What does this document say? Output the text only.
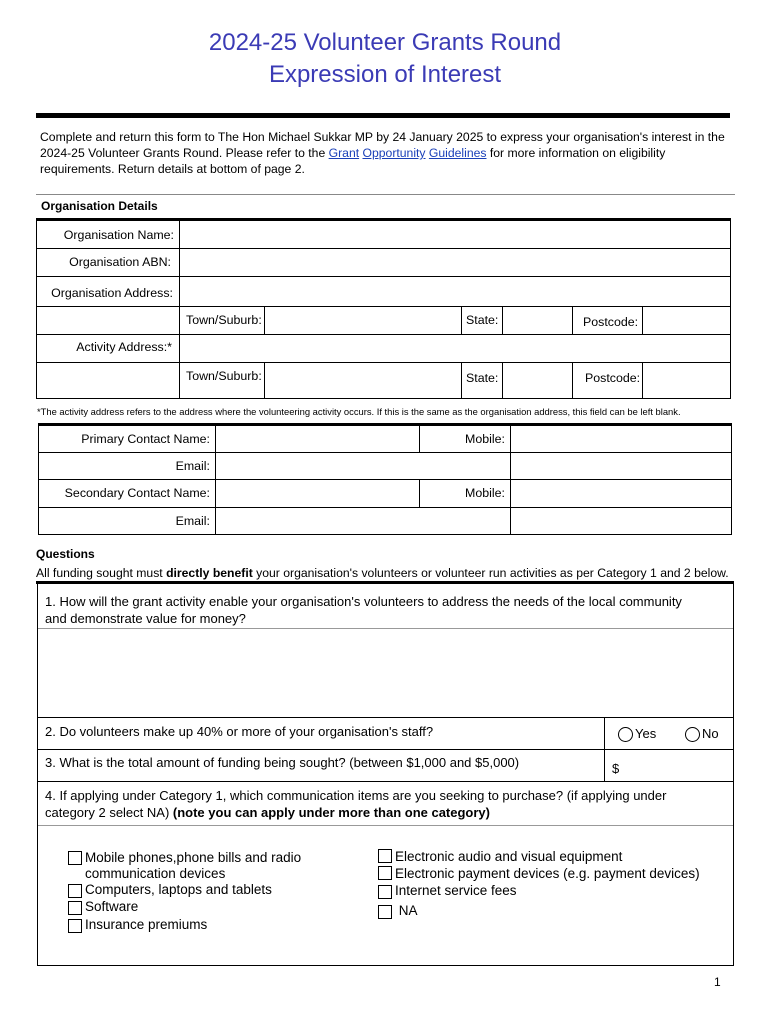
2024-25 Volunteer Grants Round
Expression of Interest
Complete and return this form to The Hon Michael Sukkar MP by 24 January 2025 to express your organisation's interest in the 2024-25 Volunteer Grants Round. Please refer to the Grant Opportunity Guidelines for more information on eligibility requirements. Return details at bottom of page 2.
Organisation Details
Organisation Name:
Organisation ABN:
Organisation Address:
Town/Suburb:	State:	Postcode:
Activity Address:*
Town/Suburb:	State:	Postcode:
*The activity address refers to the address where the volunteering activity occurs. If this is the same as the organisation address, this field can be left blank.
Primary Contact Name:	Mobile:
Email:
Secondary Contact Name:	Mobile:
Email:
Questions
All funding sought must directly benefit your organisation's volunteers or volunteer run activities as per Category 1 and 2 below.
1. How will the grant activity enable your organisation's volunteers to address the needs of the local community and demonstrate value for money?
2. Do volunteers make up 40% or more of your organisation's staff?	Yes	No
3. What is the total amount of funding being sought? (between $1,000 and $5,000)	$
4. If applying under Category 1, which communication items are you seeking to purchase? (if applying under category 2 select NA) (note you can apply under more than one category)
Mobile phones,phone bills and radio communication devices
Computers, laptops and tablets
Software
Insurance premiums
Electronic audio and visual equipment
Electronic payment devices (e.g. payment devices)
Internet service fees
NA
1
